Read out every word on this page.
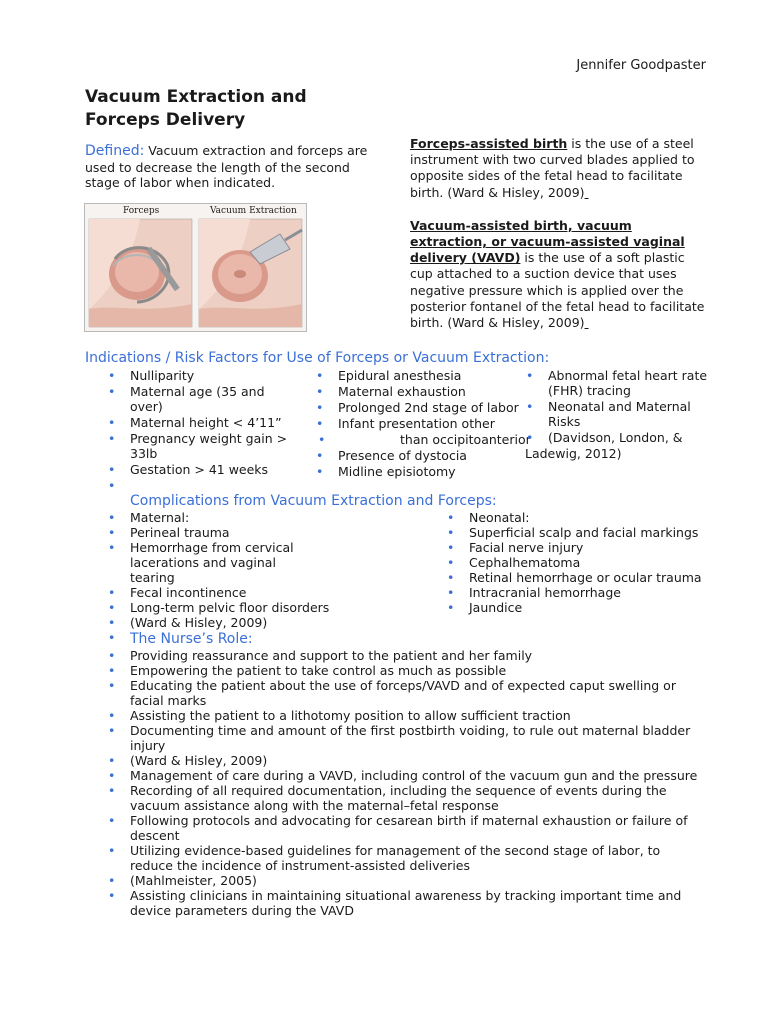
Jennifer Goodpaster
Vacuum Extraction and
Forceps Delivery
Defined: Vacuum extraction and forceps are used to decrease the length of the second stage of labor when indicated.
Forceps	Vacuum Extraction

Forceps-assisted birth is the use of a steel instrument with two curved blades applied to opposite sides of the fetal head to facilitate birth. (Ward & Hisley, 2009)

Vacuum-assisted birth, vacuum extraction, or vacuum-assisted vaginal delivery (VAVD) is the use of a soft plastic cup attached to a suction device that uses negative pressure which is applied over the posterior fontanel of the fetal head to facilitate birth. (Ward & Hisley, 2009)

Indications / Risk Factors for Use of Forceps or Vacuum Extraction:
• Nulliparity
• Maternal age (35 and over)
• Maternal height < 4’11”
• Pregnancy weight gain > 33lb
• Gestation > 41 weeks
•
• Epidural anesthesia
• Maternal exhaustion
• Prolonged 2nd stage of labor
• Infant presentation other
• than occipitoanterior
• Presence of dystocia
• Midline episiotomy
• Abnormal fetal heart rate (FHR) tracing
• Neonatal and Maternal Risks
• (Davidson, London, &
Ladewig, 2012)
Complications from Vacuum Extraction and Forceps:
• Maternal:
• Perineal trauma
• Hemorrhage from cervical lacerations and vaginal tearing
• Fecal incontinence
• Long-term pelvic floor disorders
• (Ward & Hisley, 2009)
•
• Neonatal:
• Superficial scalp and facial markings
• Facial nerve injury
• Cephalhematoma
• Retinal hemorrhage or ocular trauma
• Intracranial hemorrhage
• Jaundice
The Nurse’s Role:
• Providing reassurance and support to the patient and her family
• Empowering the patient to take control as much as possible
• Educating the patient about the use of forceps/VAVD and of expected caput swelling or facial marks
• Assisting the patient to a lithotomy position to allow sufficient traction
• Documenting time and amount of the first postbirth voiding, to rule out maternal bladder injury
• (Ward & Hisley, 2009)
• Management of care during a VAVD, including control of the vacuum gun and the pressure
• Recording of all required documentation, including the sequence of events during the vacuum assistance along with the maternal–fetal response
• Following protocols and advocating for cesarean birth if maternal exhaustion or failure of descent
• Utilizing evidence-based guidelines for management of the second stage of labor, to reduce the incidence of instrument-assisted deliveries
• (Mahlmeister, 2005)
• Assisting clinicians in maintaining situational awareness by tracking important time and device parameters during the VAVD
